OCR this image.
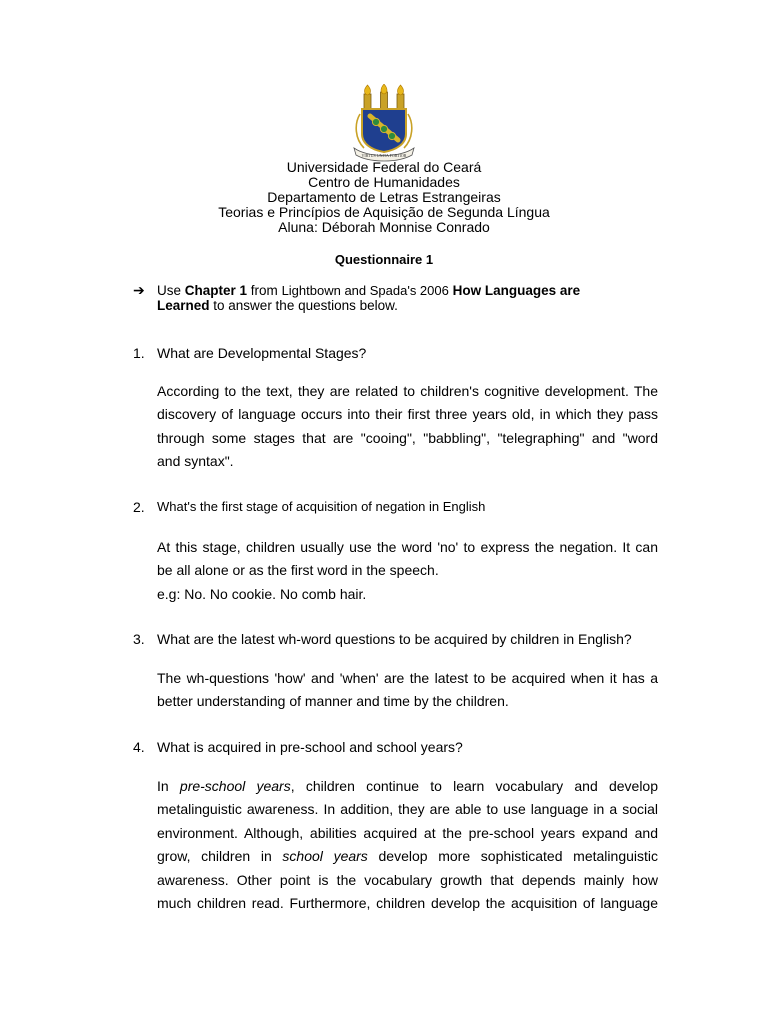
VIRTUS UNITA FORTIOR
Universidade Federal do Ceará
Centro de Humanidades
Departamento de Letras Estrangeiras
Teorias e Princípios de Aquisição de Segunda Língua
Aluna: Déborah Monnise Conrado
Questionnaire 1
➔ Use Chapter 1 from Lightbown and Spada's 2006 How Languages are
Learned to answer the questions below.
1. What are Developmental Stages?
According to the text, they are related to children's cognitive development. The
discovery of language occurs into their first three years old, in which they pass
through some stages that are "cooing", "babbling", "telegraphing" and "word
and syntax".
2. What's the first stage of acquisition of negation in English
At this stage, children usually use the word 'no' to express the negation. It can
be all alone or as the first word in the speech.
e.g: No. No cookie. No comb hair.
3. What are the latest wh-word questions to be acquired by children in English?
The wh-questions 'how' and 'when' are the latest to be acquired when it has a
better understanding of manner and time by the children.
4. What is acquired in pre-school and school years?
In pre-school years, children continue to learn vocabulary and develop
metalinguistic awareness. In addition, they are able to use language in a social
environment. Although, abilities acquired at the pre-school years expand and
grow, children in school years develop more sophisticated metalinguistic
awareness. Other point is the vocabulary growth that depends mainly how
much children read. Furthermore, children develop the acquisition of language
